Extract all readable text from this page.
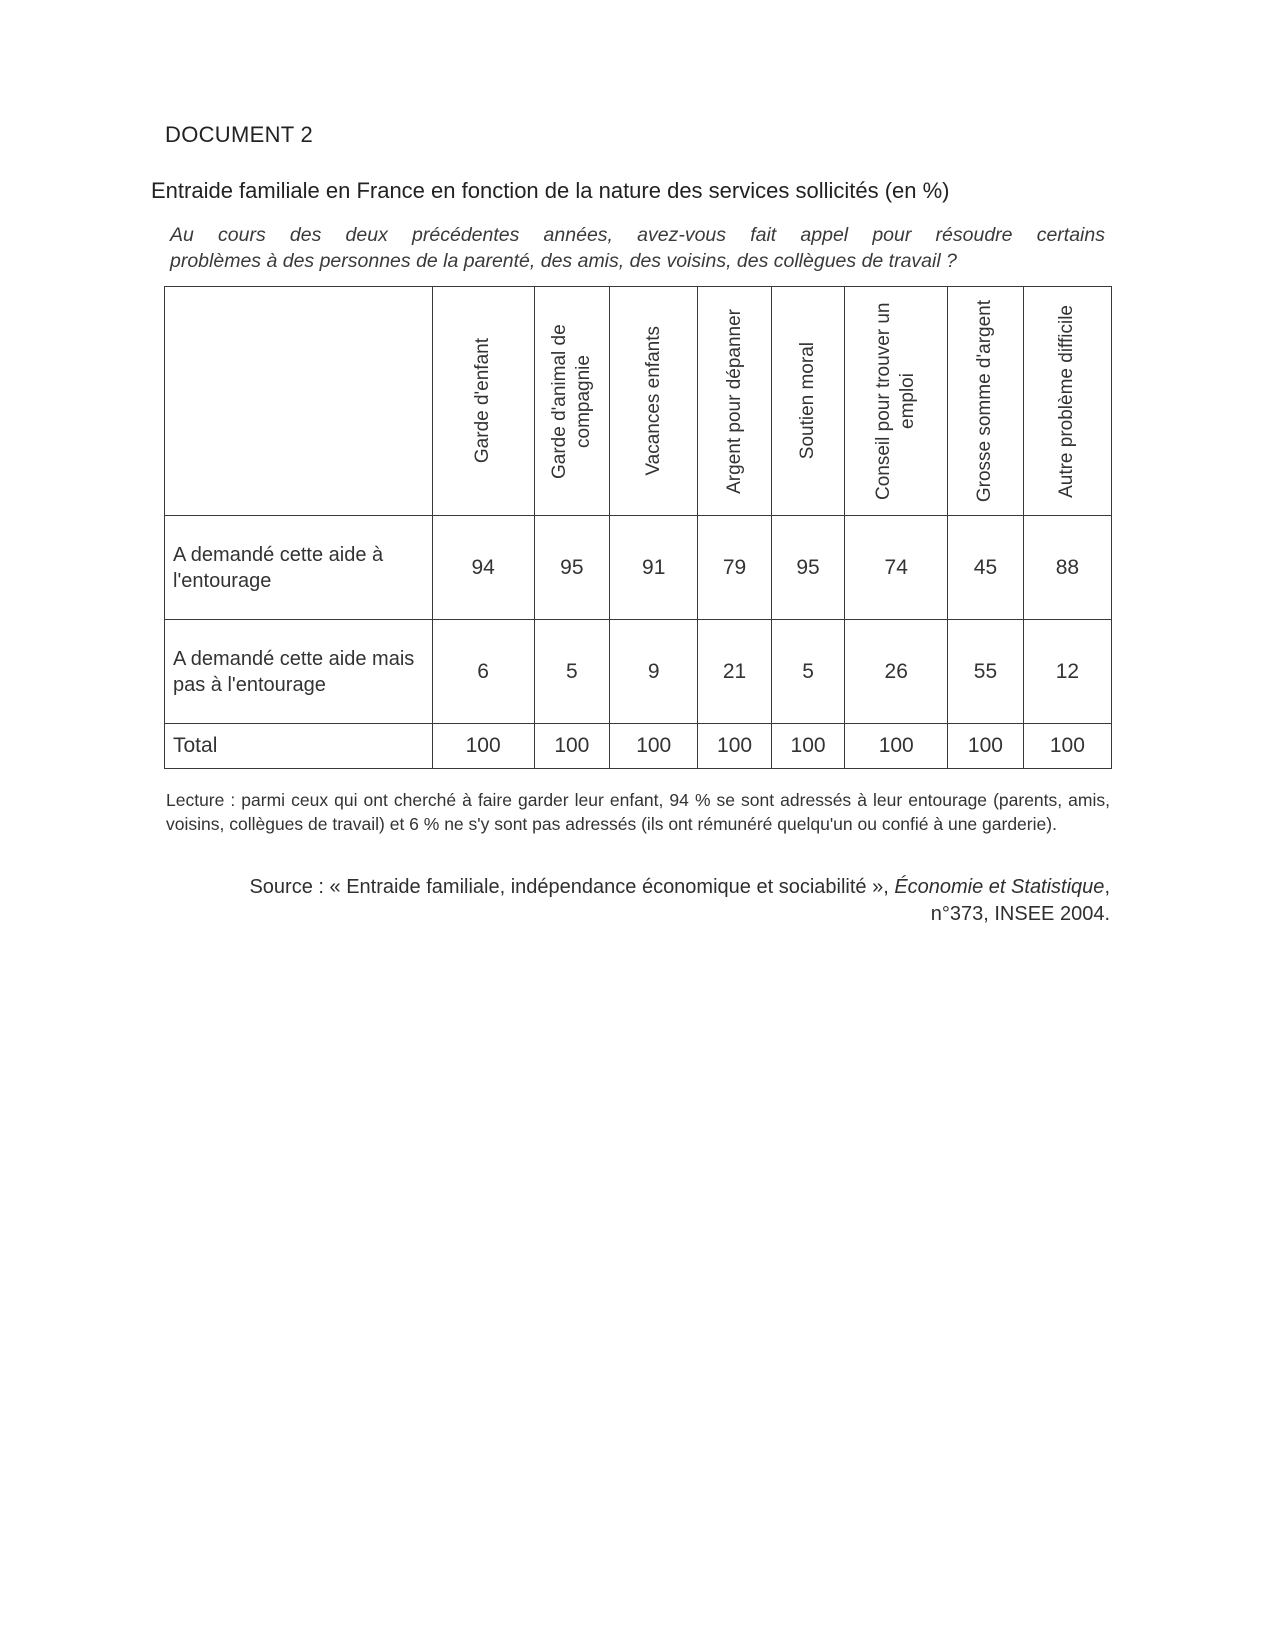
DOCUMENT 2
Entraide familiale en France en fonction de la nature des services sollicités (en %)
Au cours des deux précédentes années, avez-vous fait appel pour résoudre certains
problèmes à des personnes de la parenté, des amis, des voisins, des collègues de travail ?

	Garde d'enfant	Garde d'animal de compagnie	Vacances enfants	Argent pour dépanner	Soutien moral	Conseil pour trouver un emploi	Grosse somme d'argent	Autre problème difficile

A demandé cette aide à l'entourage	94	95	91	79	95	74	45	88
A demandé cette aide mais pas à l'entourage	6	5	9	21	5	26	55	12
Total	100	100	100	100	100	100	100	100
Lecture : parmi ceux qui ont cherché à faire garder leur enfant, 94 % se sont adressés à leur entourage (parents, amis, voisins, collègues de travail) et 6 % ne s'y sont pas adressés (ils ont rémunéré quelqu'un ou confié à une garderie).
Source : « Entraide familiale, indépendance économique et sociabilité », Économie et Statistique, n°373, INSEE 2004.
